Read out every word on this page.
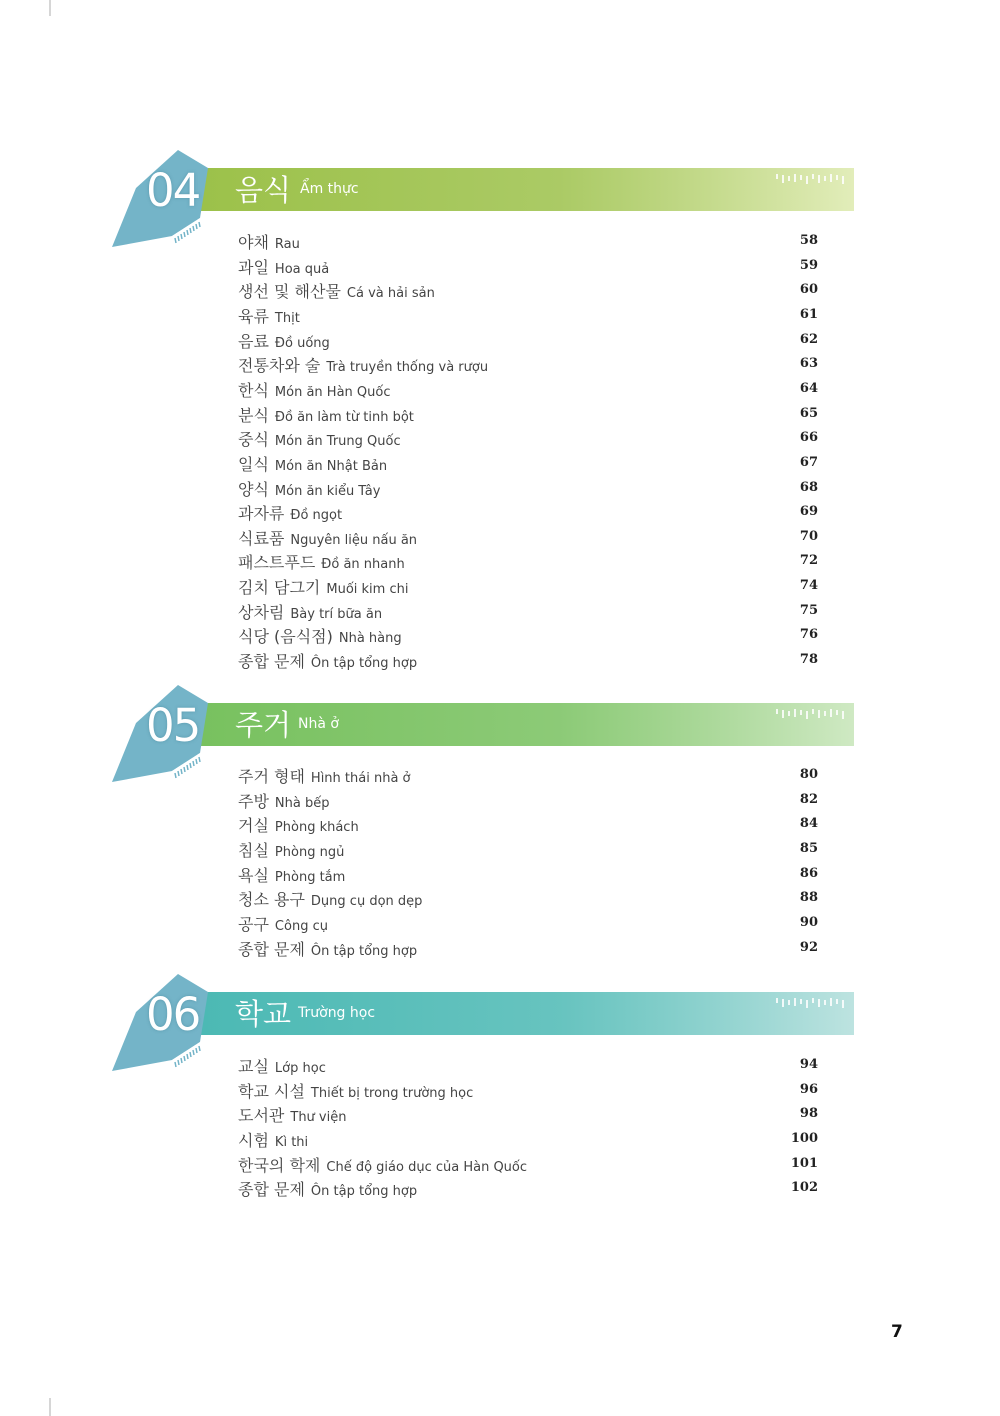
04 음식 Ẩm thực
야채 Rau	58
과일 Hoa quả	59
생선 및 해산물 Cá và hải sản	60
육류 Thịt	61
음료 Đồ uống	62
전통차와 술 Trà truyền thống và rượu	63
한식 Món ăn Hàn Quốc	64
분식 Đồ ăn làm từ tinh bột	65
중식 Món ăn Trung Quốc	66
일식 Món ăn Nhật Bản	67
양식 Món ăn kiểu Tây	68
과자류 Đồ ngọt	69
식료품 Nguyên liệu nấu ăn	70
패스트푸드 Đồ ăn nhanh	72
김치 담그기 Muối kim chi	74
상차림 Bày trí bữa ăn	75
식당 (음식점) Nhà hàng	76
종합 문제 Ôn tập tổng hợp	78
05 주거 Nhà ở
주거 형태 Hình thái nhà ở	80
주방 Nhà bếp	82
거실 Phòng khách	84
침실 Phòng ngủ	85
욕실 Phòng tắm	86
청소 용구 Dụng cụ dọn dẹp	88
공구 Công cụ	90
종합 문제 Ôn tập tổng hợp	92
06 학교 Trường học
교실 Lớp học	94
학교 시설 Thiết bị trong trường học	96
도서관 Thư viện	98
시험 Kì thi	100
한국의 학제 Chế độ giáo dục của Hàn Quốc	101
종합 문제 Ôn tập tổng hợp	102
7
